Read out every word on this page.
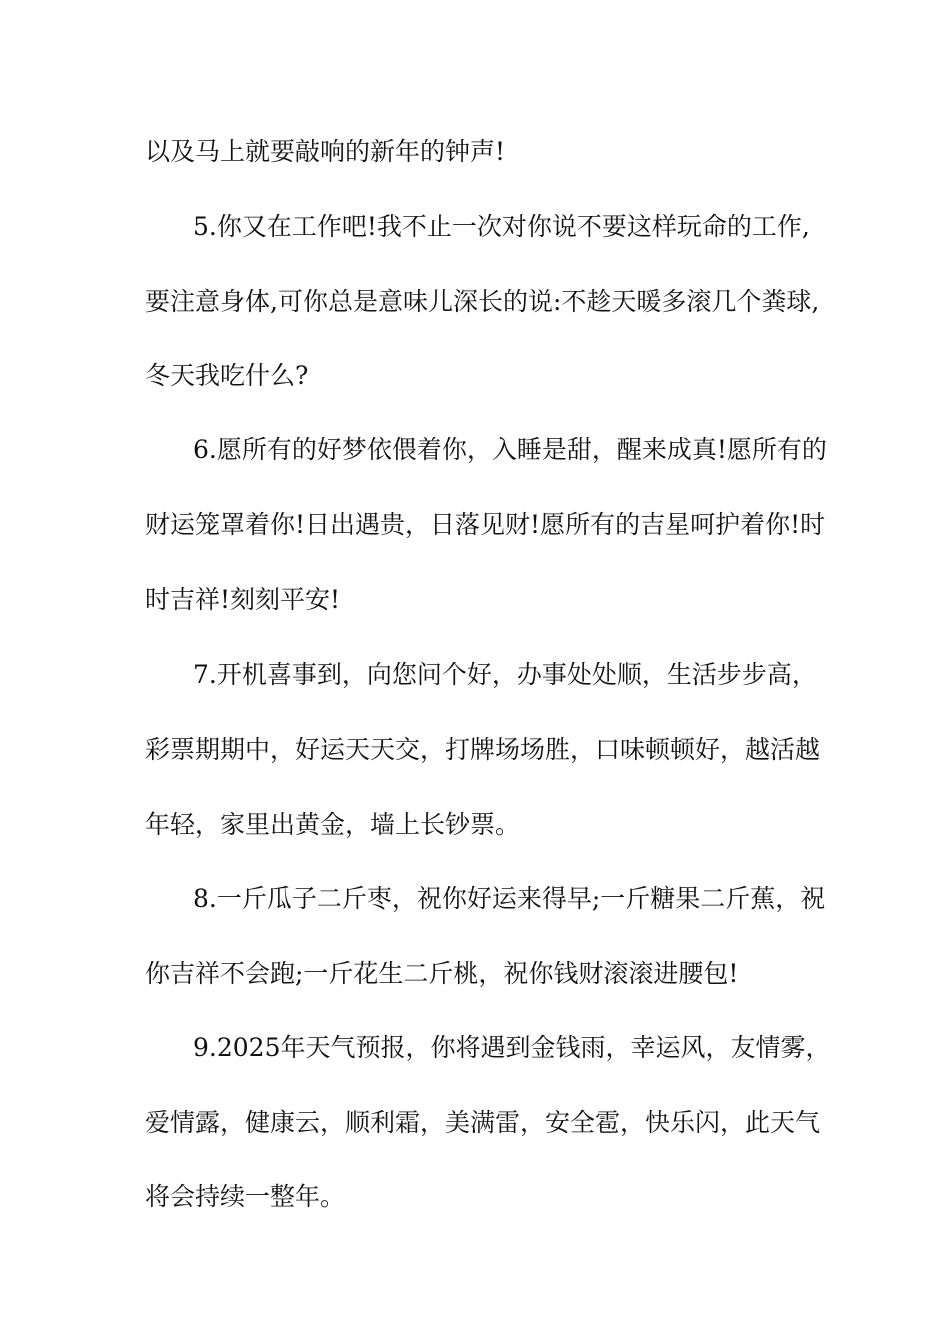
以及马上就要敲响的新年的钟声!
5.你又在工作吧!我不止一次对你说不要这样玩命的工作,
要注意身体,可你总是意味儿深长的说:不趁天暖多滚几个粪球,
冬天我吃什么?
6.愿所有的好梦依偎着你，入睡是甜，醒来成真!愿所有的
财运笼罩着你!日出遇贵，日落见财!愿所有的吉星呵护着你!时
时吉祥!刻刻平安!
7.开机喜事到，向您问个好，办事处处顺，生活步步高，
彩票期期中，好运天天交，打牌场场胜，口味顿顿好，越活越
年轻，家里出黄金，墙上长钞票。
8.一斤瓜子二斤枣，祝你好运来得早;一斤糖果二斤蕉，祝
你吉祥不会跑;一斤花生二斤桃，祝你钱财滚滚进腰包!
9.2025年天气预报，你将遇到金钱雨，幸运风，友情雾，
爱情露，健康云，顺利霜，美满雷，安全雹，快乐闪，此天气
将会持续一整年。
